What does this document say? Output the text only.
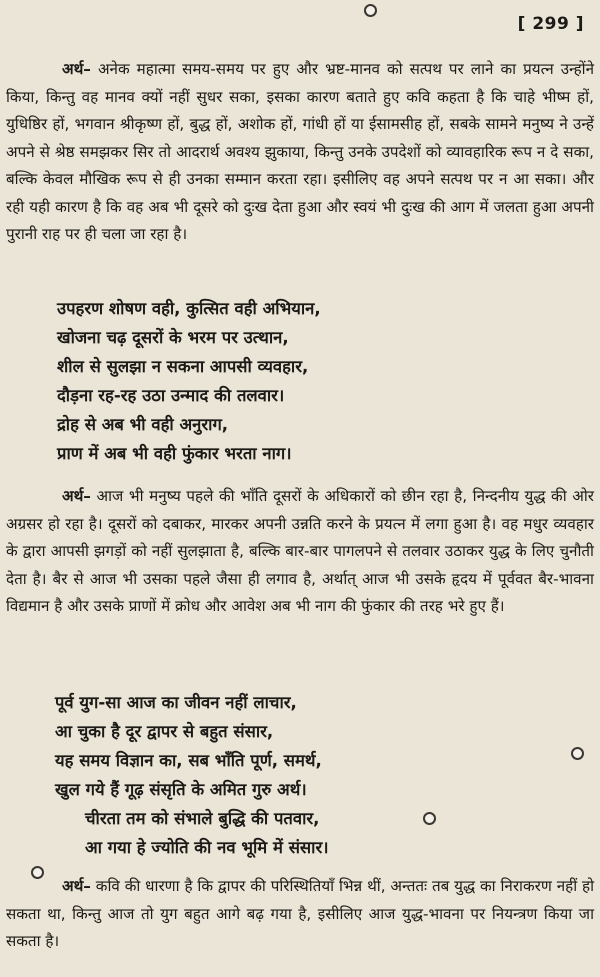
[ 299 ]

अर्थ– अनेक महात्मा समय-समय पर हुए और भ्रष्ट-मानव को सत्पथ पर लाने का प्रयत्न उन्होंने किया, किन्तु वह मानव क्यों नहीं सुधर सका, इसका कारण बताते हुए कवि कहता है कि चाहे भीष्म हों, युधिष्ठिर हों, भगवान श्रीकृष्ण हों, बुद्ध हों, अशोक हों, गांधी हों या ईसामसीह हों, सबके सामने मनुष्य ने उन्हें अपने से श्रेष्ठ समझकर सिर तो आदरार्थ अवश्य झुकाया, किन्तु उनके उपदेशों को व्यावहारिक रूप न दे सका, बल्कि केवल मौखिक रूप से ही उनका सम्मान करता रहा। इसीलिए वह अपने सत्पथ पर न आ सका। और रही यही कारण है कि वह अब भी दूसरे को दुःख देता हुआ और स्वयं भी दुःख की आग में जलता हुआ अपनी पुरानी राह पर ही चला जा रहा है।

उपहरण शोषण वही, कुत्सित वही अभियान,
खोजना चढ़ दूसरों के भरम पर उत्थान,
शील से सुलझा न सकना आपसी व्यवहार,
दौड़ना रह-रह उठा उन्माद की तलवार।
द्रोह से अब भी वही अनुराग,
प्राण में अब भी वही फुंकार भरता नाग।

अर्थ– आज भी मनुष्य पहले की भाँति दूसरों के अधिकारों को छीन रहा है, निन्दनीय युद्ध की ओर अग्रसर हो रहा है। दूसरों को दबाकर, मारकर अपनी उन्नति करने के प्रयत्न में लगा हुआ है। वह मधुर व्यवहार के द्वारा आपसी झगड़ों को नहीं सुलझाता है, बल्कि बार-बार पागलपने से तलवार उठाकर युद्ध के लिए चुनौती देता है। बैर से आज भी उसका पहले जैसा ही लगाव है, अर्थात् आज भी उसके हृदय में पूर्ववत बैर-भावना विद्यमान है और उसके प्राणों में क्रोध और आवेश अब भी नाग की फुंकार की तरह भरे हुए हैं।

पूर्व युग-सा आज का जीवन नहीं लाचार,
आ चुका है दूर द्वापर से बहुत संसार,
यह समय विज्ञान का, सब भाँति पूर्ण, समर्थ,
खुल गये हैं गूढ़ संसृति के अमित गुरु अर्थ।
चीरता तम को संभाले बुद्धि की पतवार,
आ गया हे ज्योति की नव भूमि में संसार।

अर्थ– कवि की धारणा है कि द्वापर की परिस्थितियाँ भिन्न थीं, अन्ततः तब युद्ध का निराकरण नहीं हो सकता था, किन्तु आज तो युग बहुत आगे बढ़ गया है, इसीलिए आज युद्ध-भावना पर नियन्त्रण किया जा सकता है।
